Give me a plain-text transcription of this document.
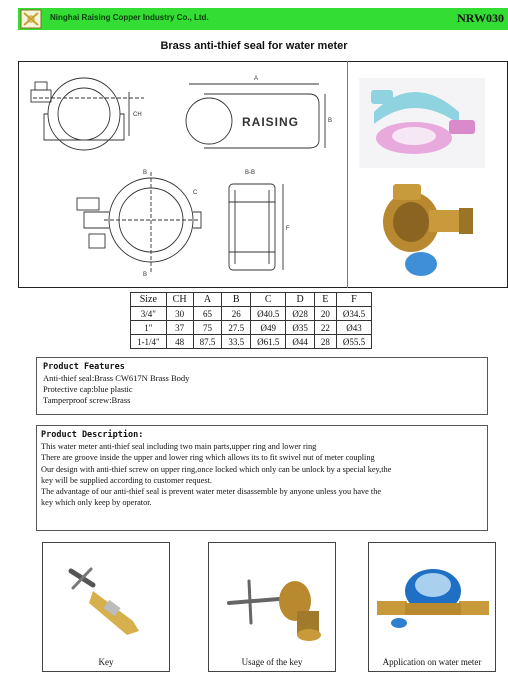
Ninghai Raising Copper Industry Co., Ltd.	NRW030
Brass anti-thief seal for water meter
CH	RAISING
A
B
B
B
C
B-B
F
Size	CH	A	B	C	D	E	F
3/4"	30	65	26	Ø40.5	Ø28	20	Ø34.5
1"	37	75	27.5	Ø49	Ø35	22	Ø43
1-1/4"	48	87.5	33.5	Ø61.5	Ø44	28	Ø55.5
Product Features
Anti-thief seal:Brass CW617N Brass Body
Protective cap:blue plastic
Tamperproof screw:Brass
Product Description:
This water meter anti-thief seal including two main parts,upper ring and lower ring
There are groove inside the upper and lower ring which allows its to fit swivel nut of meter coupling
Our design with anti-thief screw on upper ring,once locked which only can be unlock by a special key,the
key will be supplied according to customer request.
The advantage of our anti-thief seal is prevent water meter disassemble by anyone unless you have the
key which only keep by operator.
Key	Usage of the key	Application on water meter
